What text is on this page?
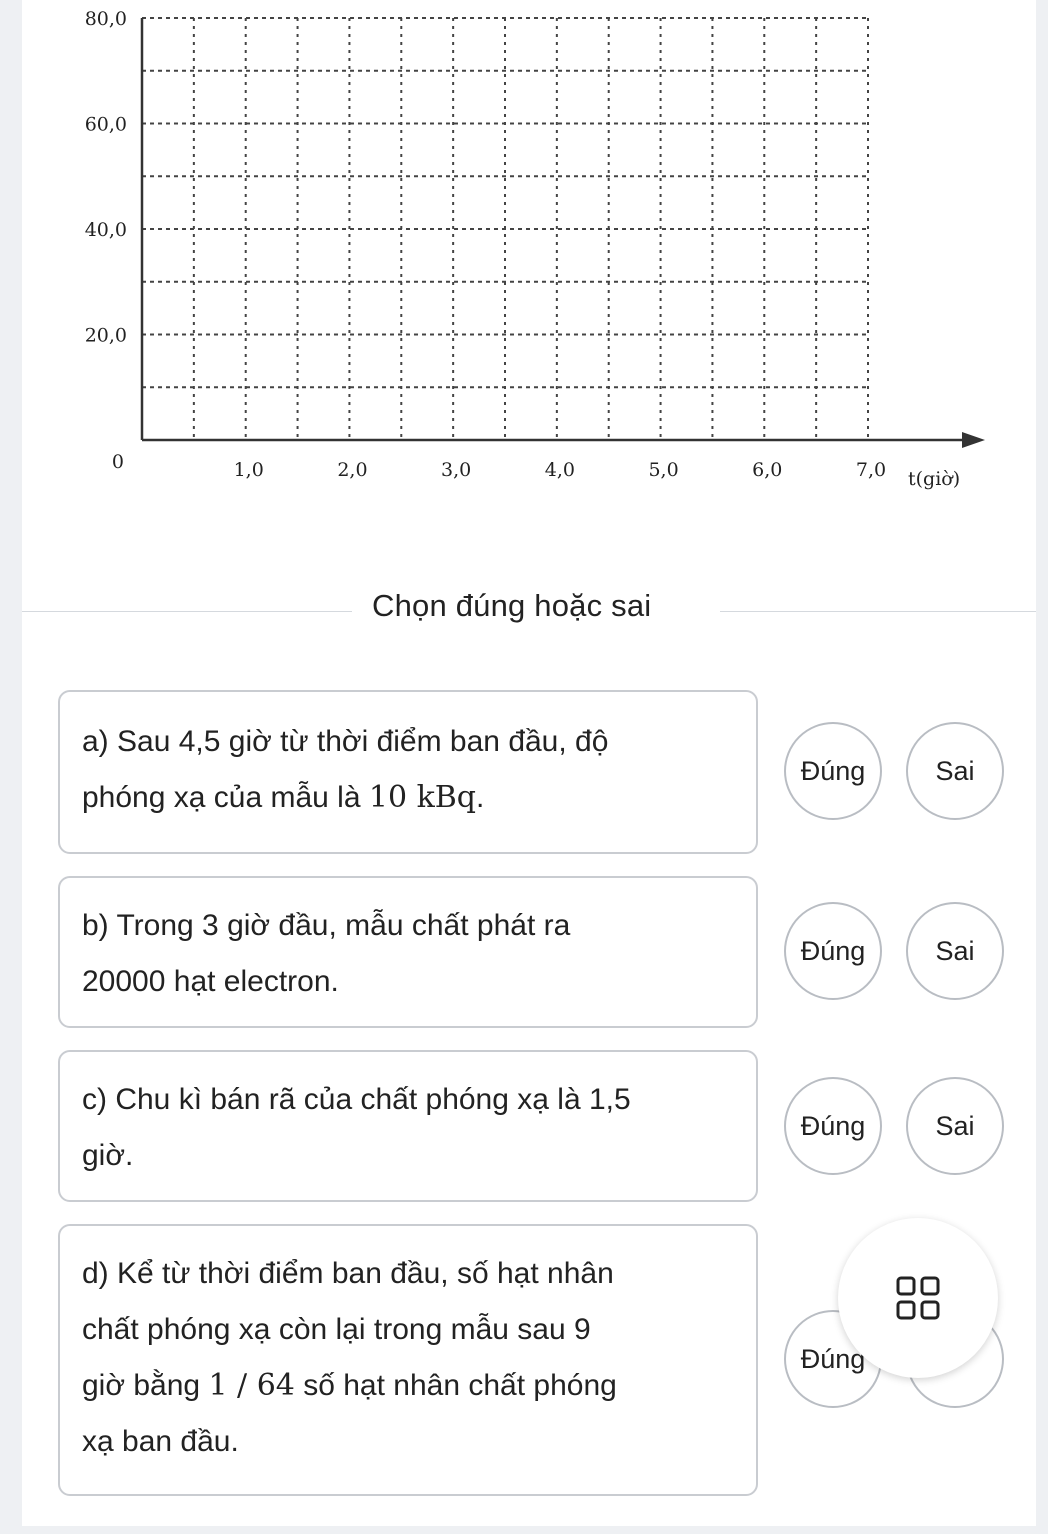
0
20,0
40,0
60,0
80,0
1,0	2,0	3,0	4,0	5,0	6,0	7,0 t(giờ)
Chọn đúng hoặc sai
a) Sau 4,5 giờ từ thời điểm ban đầu, độ
phóng xạ của mẫu là 10 kBq.
Đúng	Sai
b) Trong 3 giờ đầu, mẫu chất phát ra
20000 hạt electron.
Đúng	Sai
c) Chu kì bán rã của chất phóng xạ là 1,5
giờ.
Đúng	Sai
d) Kể từ thời điểm ban đầu, số hạt nhân
chất phóng xạ còn lại trong mẫu sau 9
giờ bằng 1 / 64 số hạt nhân chất phóng
xạ ban đầu.
Đúng
